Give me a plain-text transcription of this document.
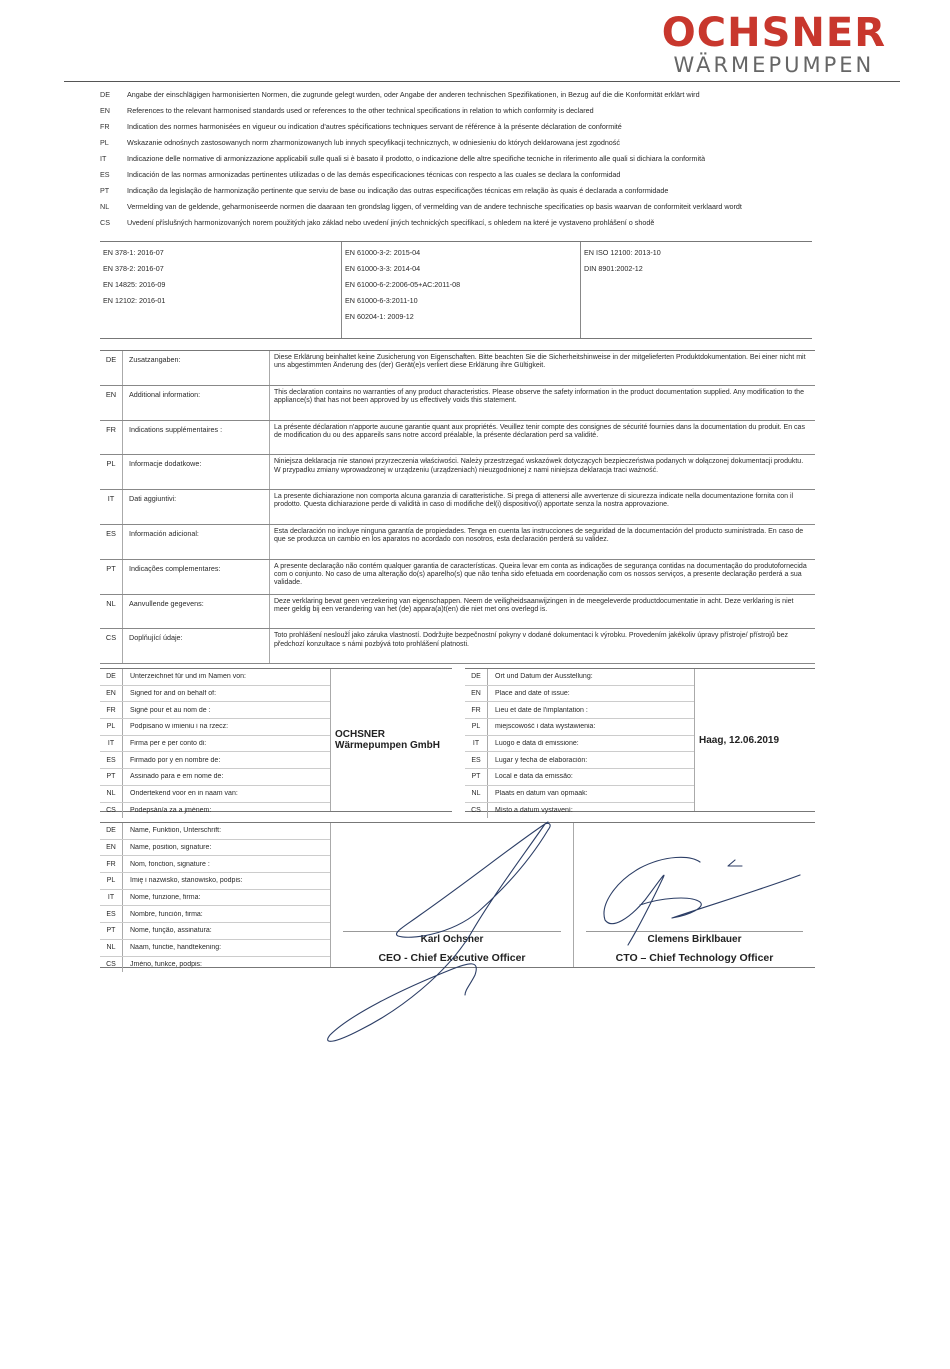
OCHSNER
WÄRMEPUMPEN
DE	Angabe der einschlägigen harmonisierten Normen, die zugrunde gelegt wurden, oder Angabe der anderen technischen Spezifikationen, in Bezug auf die die Konformität erklärt wird
EN	References to the relevant harmonised standards used or references to the other technical specifications in relation to which conformity is declared
FR	Indication des normes harmonisées en vigueur ou indication d'autres spécifications techniques servant de référence à la présente déclaration de conformité
PL	Wskazanie odnośnych zastosowanych norm zharmonizowanych lub innych specyfikacji technicznych, w odniesieniu do których deklarowana jest zgodność
IT	Indicazione delle normative di armonizzazione applicabili sulle quali si è basato il prodotto, o indicazione delle altre specifiche tecniche in riferimento alle quali si dichiara la conformità
ES	Indicación de las normas armonizadas pertinentes utilizadas o de las demás especificaciones técnicas con respecto a las cuales se declara la conformidad
PT	Indicação da legislação de harmonização pertinente que serviu de base ou indicação das outras especificações técnicas em relação às quais é declarada a conformidade
NL	Vermelding van de geldende, geharmoniseerde normen die daaraan ten grondslag liggen, of vermelding van de andere technische specificaties op basis waarvan de conformiteit verklaard wordt
CS	Uvedení příslušných harmonizovaných norem použitých jako základ nebo uvedení jiných technických specifikací, s ohledem na které je vystaveno prohlášení o shodě
EN 378-1: 2016-07
EN 378-2: 2016-07
EN 14825: 2016-09
EN 12102: 2016-01
EN 61000-3-2: 2015-04
EN 61000-3-3: 2014-04
EN 61000-6-2:2006-05+AC:2011-08
EN 61000-6-3:2011-10
EN 60204-1: 2009-12
EN ISO 12100: 2013-10
DIN 8901:2002-12
DE	Zusatzangaben:	Diese Erklärung beinhaltet keine Zusicherung von Eigenschaften. Bitte beachten Sie die Sicherheitshinweise in der mitgelieferten Produktdokumentation. Bei einer nicht mit uns abgestimmten Änderung des (der) Gerät(e)s verliert diese Erklärung ihre Gültigkeit.
EN	Additional information:	This declaration contains no warranties of any product characteristics. Please observe the safety information in the product documentation supplied. Any modification to the appliance(s) that has not been approved by us effectively voids this statement.
FR	Indications supplémentaires :	La présente déclaration n'apporte aucune garantie quant aux propriétés. Veuillez tenir compte des consignes de sécurité fournies dans la documentation du produit. En cas de modification du ou des appareils sans notre accord préalable, la présente déclaration perd sa validité.
PL	Informacje dodatkowe:	Niniejsza deklaracja nie stanowi przyrzeczenia właściwości. Należy przestrzegać wskazówek dotyczących bezpieczeństwa podanych w dołączonej dokumentacji produktu. W przypadku zmiany wprowadzonej w urządzeniu (urządzeniach) nieuzgodnionej z nami niniejsza deklaracja traci ważność.
IT	Dati aggiuntivi:	La presente dichiarazione non comporta alcuna garanzia di caratteristiche. Si prega di attenersi alle avvertenze di sicurezza indicate nella documentazione fornita con il prodotto. Questa dichiarazione perde di validità in caso di modifiche del(i) dispositivo(i) apportate senza la nostra approvazione.
ES	Información adicional:	Esta declaración no incluye ninguna garantía de propiedades. Tenga en cuenta las instrucciones de seguridad de la documentación del producto suministrada. En caso de que se produzca un cambio en los aparatos no acordado con nosotros, esta declaración perderá su validez.
PT	Indicações complementares:	A presente declaração não contém qualquer garantia de características. Queira levar em conta as indicações de segurança contidas na documentação do produtofornecida com o conjunto. No caso de uma alteração do(s) aparelho(s) que não tenha sido efetuada em coordenação com os nossos serviços, a presente declaração perderá a sua validade.
NL	Aanvullende gegevens:	Deze verklaring bevat geen verzekering van eigenschappen. Neem de veiligheidsaanwijzingen in de meegeleverde productdocumentatie in acht. Deze verklaring is niet meer geldig bij een verandering van het (de) appara(a)t(en) die niet met ons overlegd is.
CS	Doplňující údaje:	Toto prohlášení nesloužÍ jako záruka vlastností. Dodržujte bezpečnostní pokyny v dodané dokumentaci k výrobku. Provedením jakékoliv úpravy přístroje/ přístrojů bez předchozí konzultace s námi pozbývá toto prohlášení platnosti.
DE	Unterzeichnet für und im Namen von:
EN	Signed for and on behalf of:
FR	Signé pour et au nom de :
PL	Podpisano w imieniu i na rzecz:
IT	Firma per e per conto di:
ES	Firmado por y en nombre de:
PT	Assinado para e em nome de:
NL	Ondertekend voor en in naam van:
CS	Podepsán/a za a jménem:
OCHSNER
Wärmepumpen GmbH
DE	Ort und Datum der Ausstellung:
EN	Place and date of issue:
FR	Lieu et date de l'implantation :
PL	miejscowość i data wystawienia:
IT	Luogo e data di emissione:
ES	Lugar y fecha de elaboración:
PT	Local e data da emissão:
NL	Plaats en datum van opmaak:
CS	Místo a datum vystavení:
Haag, 12.06.2019
DE	Name, Funktion, Unterschrift:
EN	Name, position, signature:
FR	Nom, fonction, signature :
PL	Imię i nazwisko, stanowisko, podpis:
IT	Nome, funzione, firma:
ES	Nombre, función, firma:
PT	Nome, função, assinatura:
NL	Naam, functie, handtekening:
CS	Jméno, funkce, podpis:
Karl Ochsner
CEO - Chief Executive Officer
Clemens Birklbauer
CTO – Chief Technology Officer
